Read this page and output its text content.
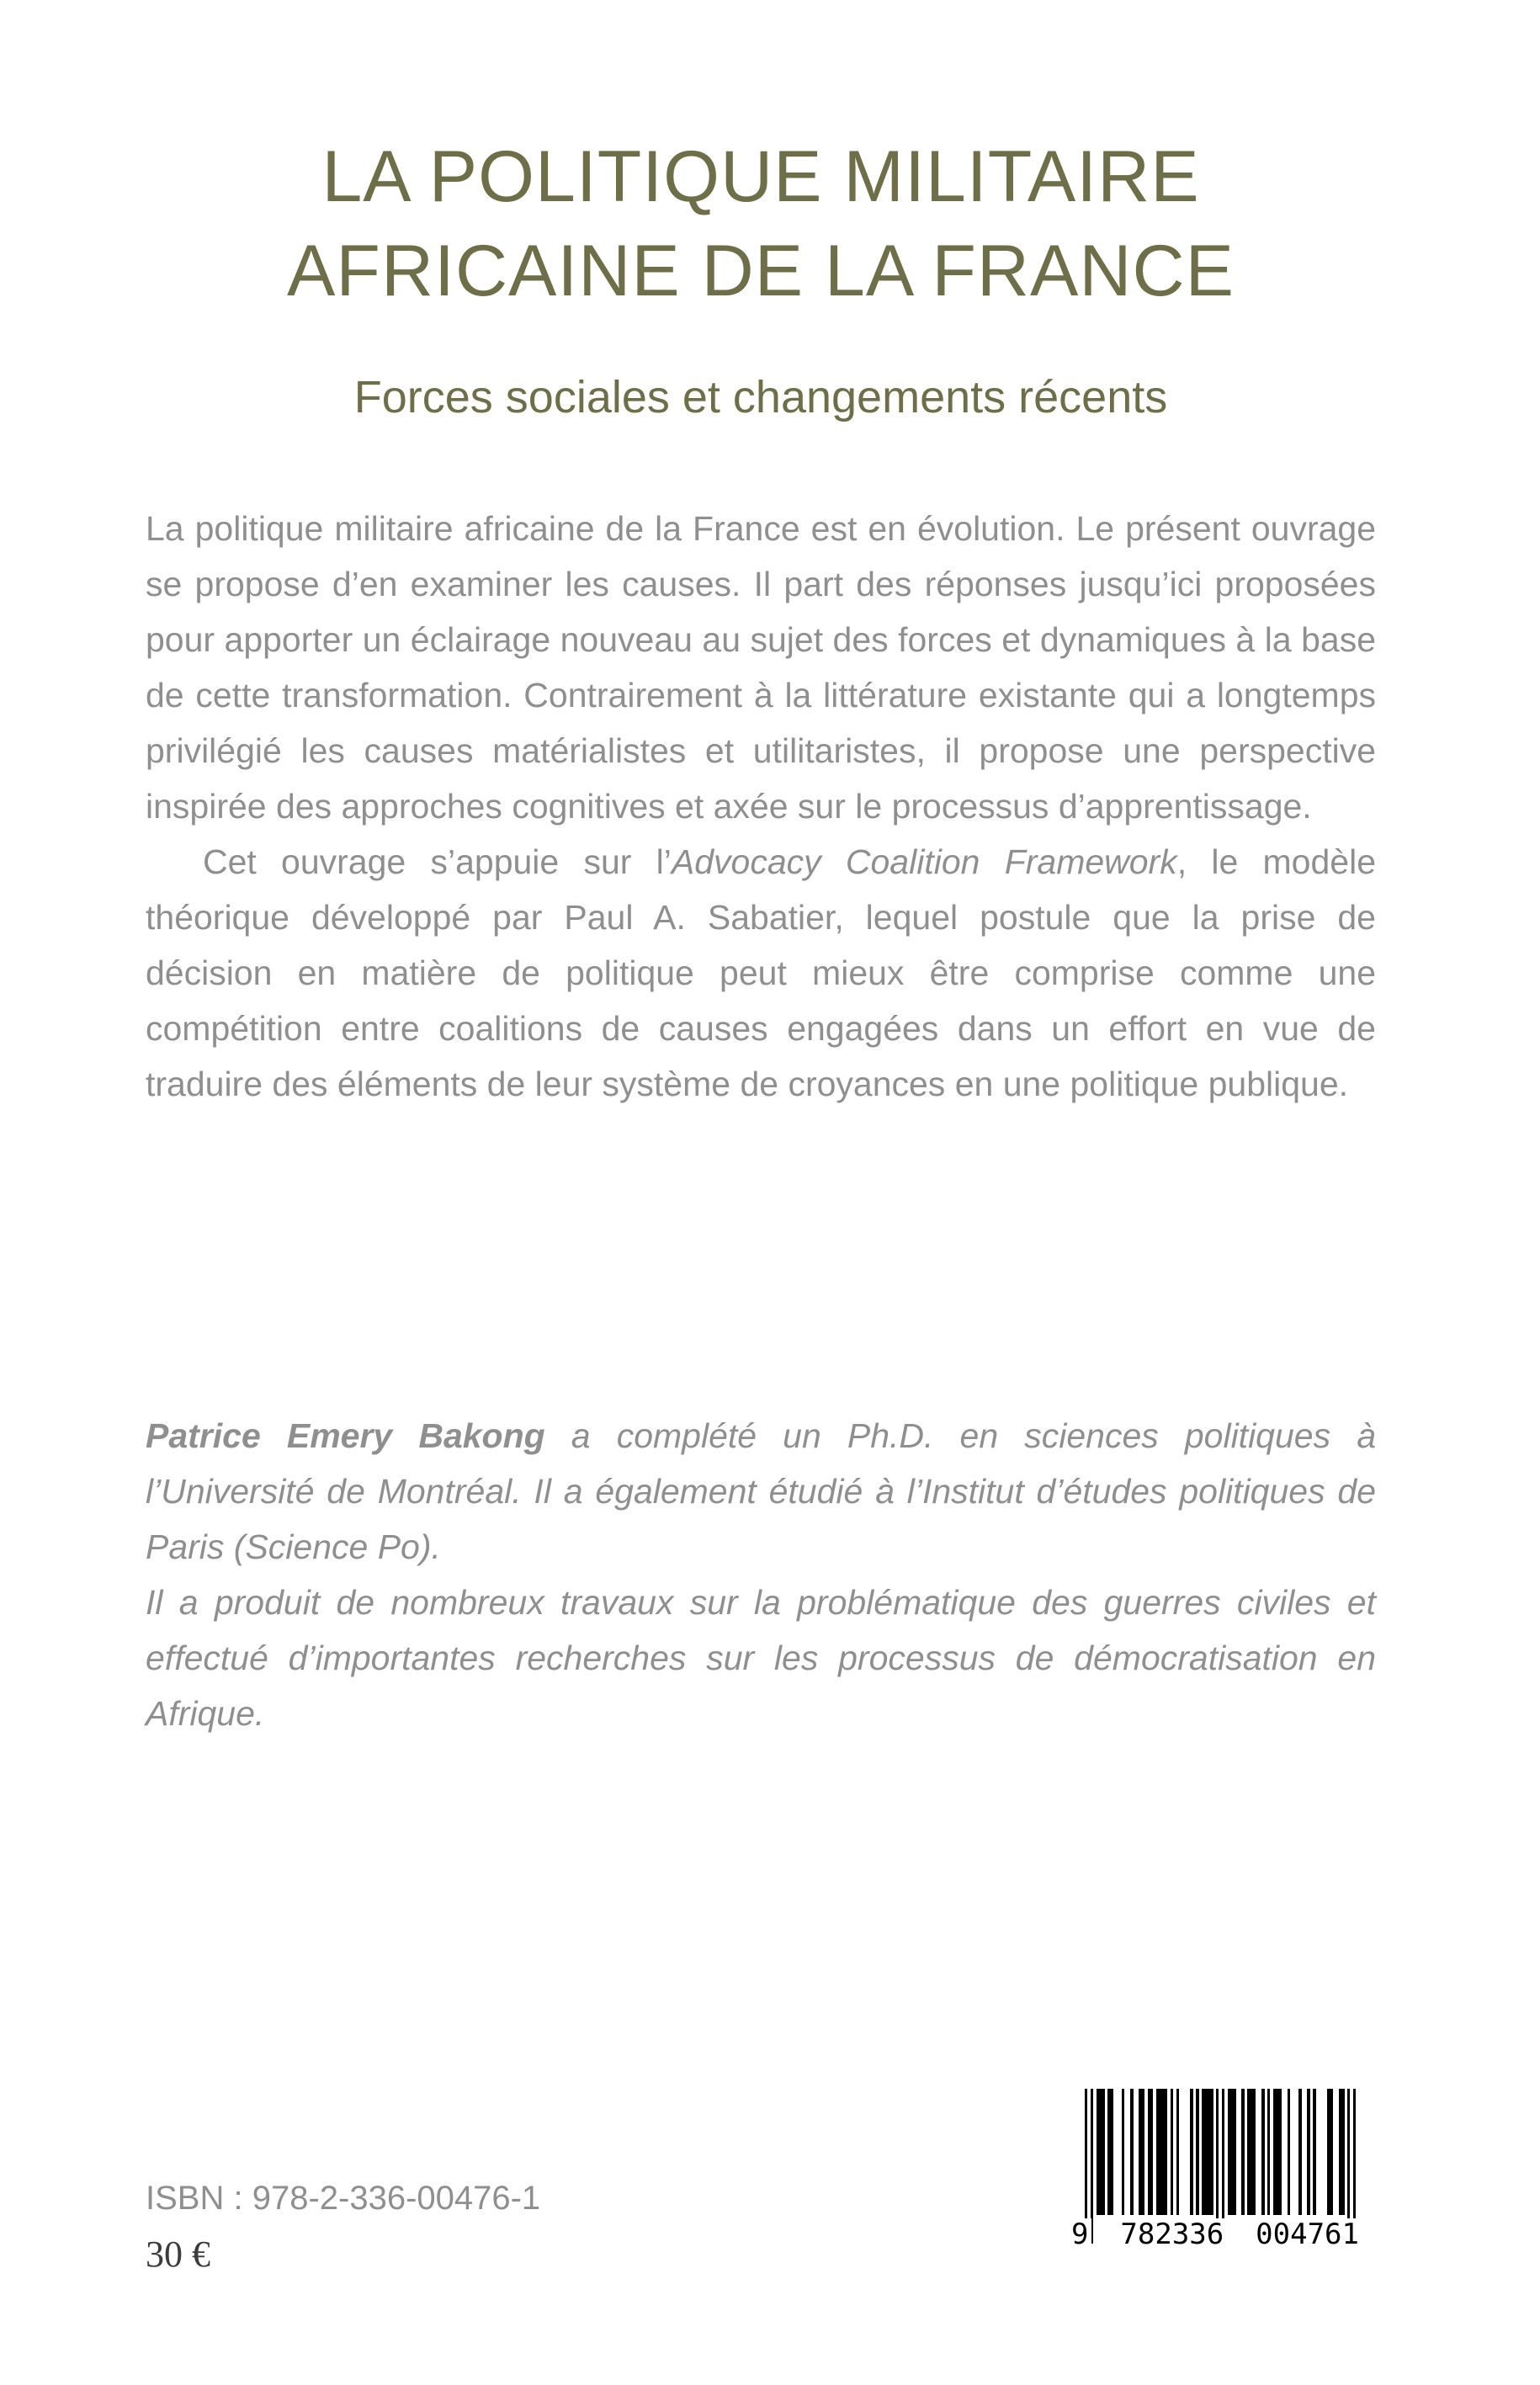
LA POLITIQUE MILITAIRE
AFRICAINE DE LA FRANCE
Forces sociales et changements récents

La politique militaire africaine de la France est en évolution. Le présent ouvrage se propose d’en examiner les causes. Il part des réponses jusqu’ici proposées pour apporter un éclairage nouveau au sujet des forces et dynamiques à la base de cette transformation. Contrairement à la littérature existante qui a longtemps privilégié les causes matérialistes et utilitaristes, il propose une perspective inspirée des approches cognitives et axée sur le processus d’apprentissage.

Cet ouvrage s’appuie sur l’Advocacy Coalition Framework, le modèle théorique développé par Paul A. Sabatier, lequel postule que la prise de décision en matière de politique peut mieux être comprise comme une compétition entre coalitions de causes engagées dans un effort en vue de traduire des éléments de leur système de croyances en une politique publique.

Patrice Emery Bakong a complété un Ph.D. en sciences politiques à l’Université de Montréal. Il a également étudié à l’Institut d’études politiques de Paris (Science Po).

Il a produit de nombreux travaux sur la problématique des guerres civiles et effectué d’importantes recherches sur les processus de démocratisation en Afrique.

ISBN : 978-2-336-00476-1

30 €	9 782336 004761
